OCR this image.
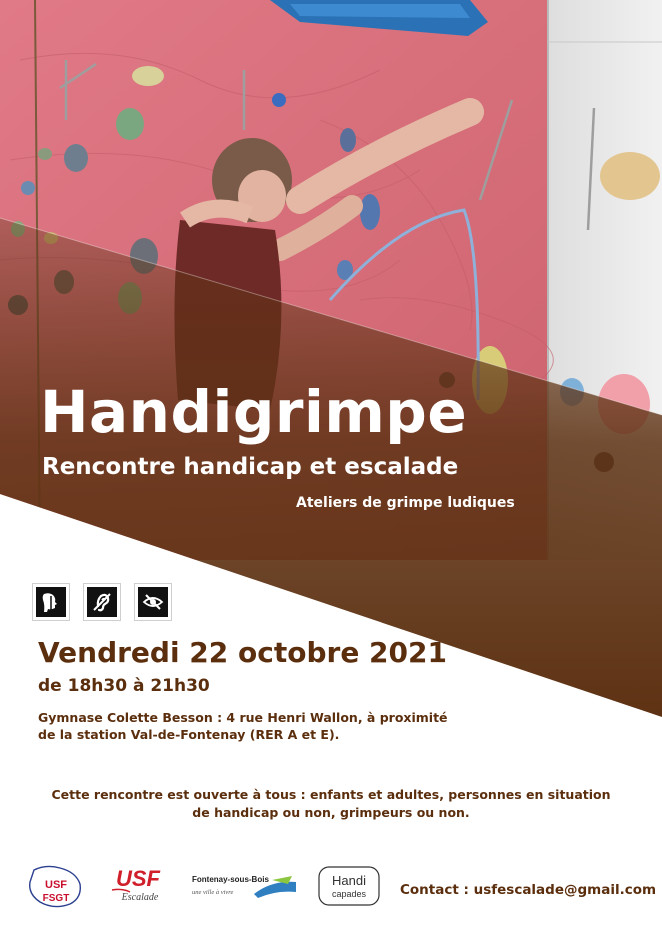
Handigrimpe
Rencontre handicap et escalade

Ateliers de grimpe ludiques

Vendredi 22 octobre 2021

de 18h30 à 21h30

Gymnase Colette Besson : 4 rue Henri Wallon, à proximité
de la station Val-de-Fontenay (RER A et E).
Cette rencontre est ouverte à tous : enfants et adultes, personnes en situation
de handicap ou non, grimpeurs ou non.
USF
FSGT
USF
Escalade
Fontenay-sous-Bois
une ville à vivre
Handi
capades	Contact : usfescalade@gmail.com
